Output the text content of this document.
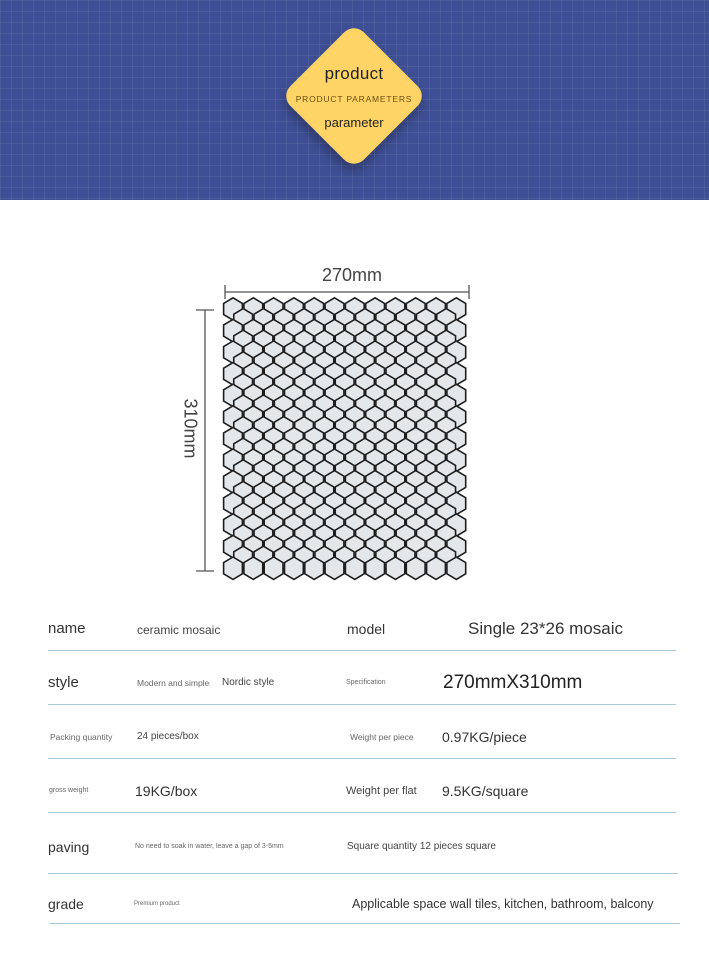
product
PRODUCT PARAMETERS
parameter
270mm
310mm
name	ceramic mosaic	model	Single 23*26 mosaic
style	Modern and simple Nordic style	Specification	270mmX310mm
Packing quantity 24 pieces/box	Weight per piece 0.97KG/piece
gross weight	19KG/box	Weight per flat 9.5KG/square
paving	No need to soak in water, leave a gap of 3-5mm	Square quantity 12 pieces square
grade	Premium product	Applicable space wall tiles, kitchen, bathroom, balcony
